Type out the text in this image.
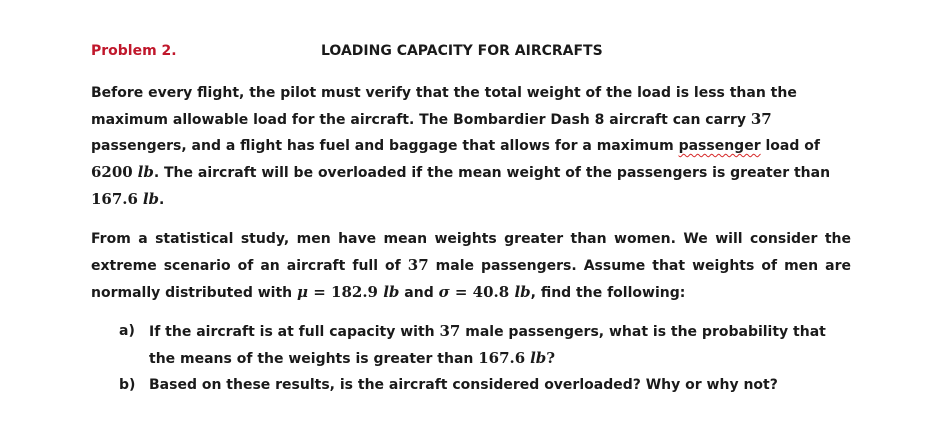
Problem 2.	LOADING CAPACITY FOR AIRCRAFTS

Before every flight, the pilot must verify that the total weight of the load is less than the maximum allowable load for the aircraft. The Bombardier Dash 8 aircraft can carry 37 passengers, and a flight has fuel and baggage that allows for a maximum passenger load of 6200 lb. The aircraft will be overloaded if the mean weight of the passengers is greater than 167.6 lb.

From a statistical study, men have mean weights greater than women. We will consider the extreme scenario of an aircraft full of 37 male passengers. Assume that weights of men are normally distributed with μ = 182.9 lb and σ = 40.8 lb, find the following:

a) If the aircraft is at full capacity with 37 male passengers, what is the probability that the means of the weights is greater than 167.6 lb?
b) Based on these results, is the aircraft considered overloaded? Why or why not?
